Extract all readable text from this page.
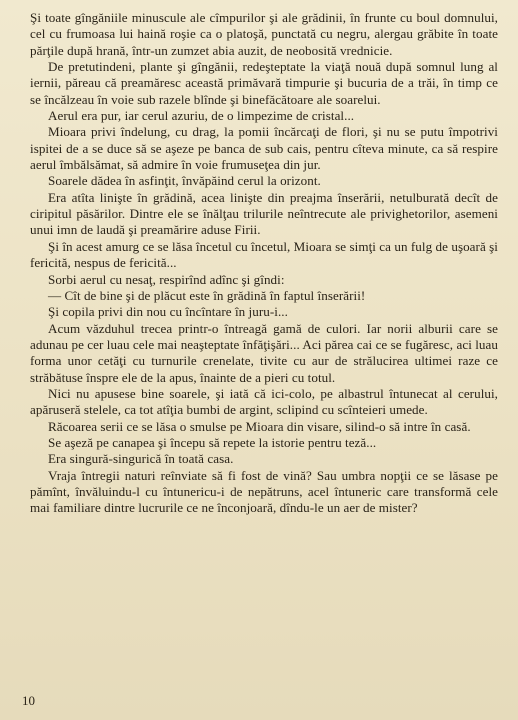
Şi toate gîngăniile minuscule ale cîmpurilor şi ale grădinii, în frunte cu boul domnului, cel cu frumoasa lui haină roşie ca o platoşă, punctată cu negru, alergau grăbite în toate părţile după hrană, într-un zumzet abia auzit, de neobosită vrednicie.

De pretutindeni, plante şi gîngănii, redeşteptate la viaţă nouă după somnul lung al iernii, păreau că preamăresc această primăvară timpurie şi bucuria de a trăi, în timp ce se încălzeau în voie sub razele blînde şi binefăcătoare ale soarelui.

Aerul era pur, iar cerul azuriu, de o limpezime de cristal...

Mioara privi îndelung, cu drag, la pomii încărcaţi de flori, şi nu se putu împotrivi ispitei de a se duce să se aşeze pe banca de sub cais, pentru cîteva minute, ca să respire aerul îmbălsămat, să admire în voie frumuseţea din jur.

Soarele dădea în asfinţit, învăpăind cerul la orizont.

Era atîta linişte în grădină, acea linişte din preajma înserării, netulburată decît de ciripitul păsărilor. Dintre ele se înălţau trilurile neîntrecute ale privighetorilor, asemeni unui imn de laudă şi preamărire aduse Firii.

Şi în acest amurg ce se lăsa încetul cu încetul, Mioara se simţi ca un fulg de uşoară şi fericită, nespus de fericită...

Sorbi aerul cu nesaţ, respirînd adînc şi gîndi:

— Cît de bine şi de plăcut este în grădină în faptul înserării!

Şi copila privi din nou cu încîntare în juru-i...

Acum văzduhul trecea printr-o întreagă gamă de culori. Iar norii alburii care se adunau pe cer luau cele mai neaşteptate înfăţişări... Aci părea cai ce se fugăresc, aci luau forma unor cetăţi cu turnurile crenelate, tivite cu aur de strălucirea ultimei raze ce străbătuse înspre ele de la apus, înainte de a pieri cu totul.

Nici nu apusese bine soarele, şi iată că ici-colo, pe albastrul întunecat al cerului, apăruseră stelele, ca tot atîţia bumbi de argint, sclipind cu scînteieri umede.

Răcoarea serii ce se lăsa o smulse pe Mioara din visare, silind-o să intre în casă.

Se aşeză pe canapea şi începu să repete la istorie pentru teză...

Era singură-singurică în toată casa.

Vraja întregii naturi reînviate să fi fost de vină? Sau umbra nopţii ce se lăsase pe pămînt, învăluindu-l cu întunericu-i de nepătruns, acel întuneric care transformă cele mai familiare dintre lucrurile ce ne înconjoară, dîndu-le un aer de mister?

10
